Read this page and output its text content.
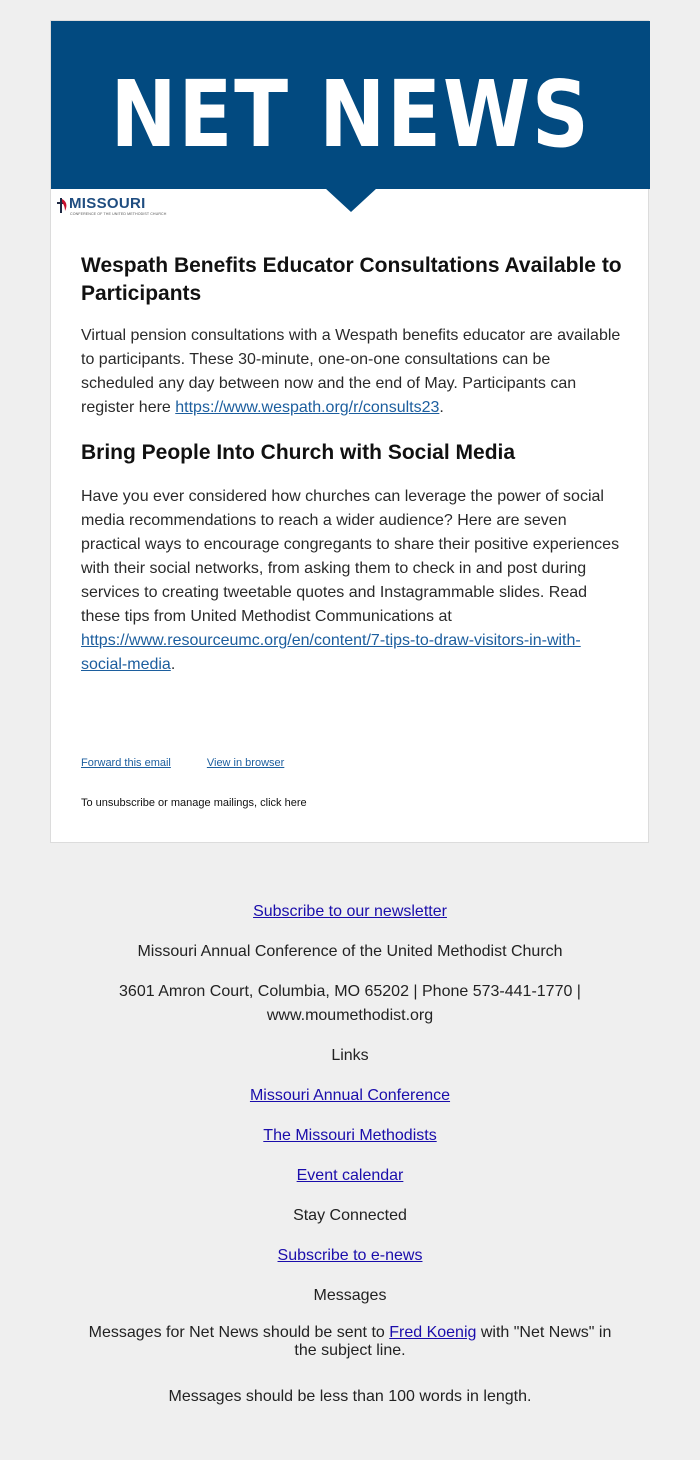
NET NEWS
MISSOURI
CONFERENCE OF THE UNITED METHODIST CHURCH
Wespath Benefits Educator Consultations Available to Participants

Virtual pension consultations with a Wespath benefits educator are available to participants. These 30-minute, one-on-one consultations can be scheduled any day between now and the end of May. Participants can register here https://www.wespath.org/r/consults23.

Bring People Into Church with Social Media

Have you ever considered how churches can leverage the power of social media recommendations to reach a wider audience? Here are seven practical ways to encourage congregants to share their positive experiences with their social networks, from asking them to check in and post during services to creating tweetable quotes and Instagrammable slides. Read these tips from United Methodist Communications at https://www.resourceumc.org/en/content/7-tips-to-draw-visitors-in-with-social-media.

Forward this email	View in browser
To unsubscribe or manage mailings, click here
Subscribe to our newsletter
Missouri Annual Conference of the United Methodist Church
3601 Amron Court, Columbia, MO 65202 | Phone 573-441-1770 |
www.moumethodist.org
Links
Missouri Annual Conference
The Missouri Methodists
Event calendar
Stay Connected
Subscribe to e-news
Messages
Messages for Net News should be sent to Fred Koenig with "Net News" in
the subject line.
Messages should be less than 100 words in length.
